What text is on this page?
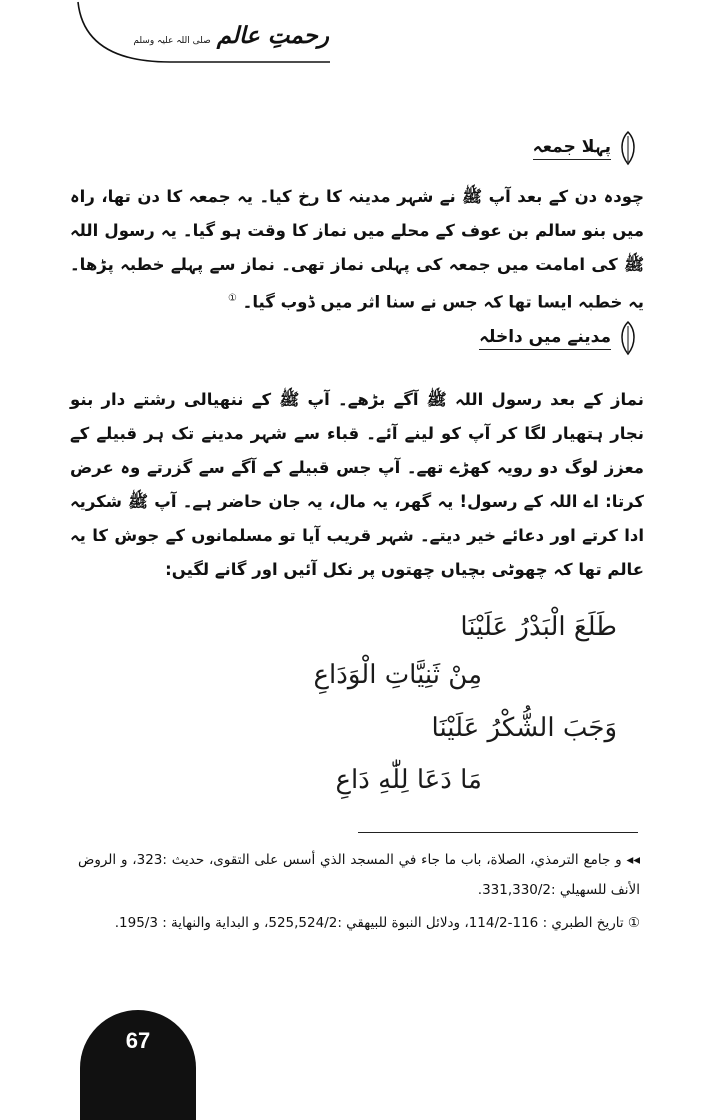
رحمتِ عالم
صلی اللہ علیہ وسلم
پہلا جمعہ
چودہ دن کے بعد آپ ﷺ نے شہر مدینہ کا رخ کیا۔ یہ جمعہ کا دن تھا، راہ میں بنو سالم بن عوف کے محلے میں نماز کا وقت ہو گیا۔ یہ رسول اللہ ﷺ کی امامت میں جمعہ کی پہلی نماز تھی۔ نماز سے پہلے خطبہ پڑھا۔ یہ خطبہ ایسا تھا کہ جس نے سنا اثر میں ڈوب گیا۔ ①
مدینے میں داخلہ
نماز کے بعد رسول اللہ ﷺ آگے بڑھے۔ آپ ﷺ کے ننھیالی رشتے دار بنو نجار ہتھیار لگا کر آپ کو لینے آئے۔ قباء سے شہر مدینے تک ہر قبیلے کے معزز لوگ دو رویہ کھڑے تھے۔ آپ جس قبیلے کے آگے سے گزرتے وہ عرض کرتا: اے اللہ کے رسول! یہ گھر، یہ مال، یہ جان حاضر ہے۔ آپ ﷺ شکریہ ادا کرتے اور دعائے خیر دیتے۔ شہر قریب آیا تو مسلمانوں کے جوش کا یہ عالم تھا کہ چھوٹی بچیاں چھتوں پر نکل آئیں اور گانے لگیں:
طَلَعَ الْبَدْرُ عَلَيْنَا
مِنْ ثَنِيَّاتِ الْوَدَاعِ
وَجَبَ الشُّكْرُ عَلَيْنَا
مَا دَعَا لِلّٰهِ دَاعِ
◂◂ و جامع الترمذي، الصلاة، باب ما جاء في المسجد الذي أسس على التقوى، حديث :323، و الروض الأنف للسهيلي :331,330/2.
① تاريخ الطبري : 116-114/2، ودلائل النبوة للبيهقي :525,524/2، و البداية والنهاية : 195/3.
67
